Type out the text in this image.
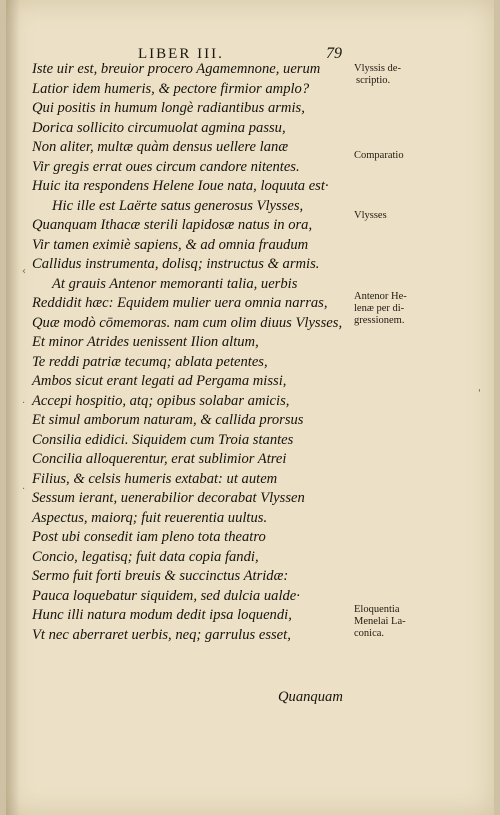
LIBER III.	79
Iste uir est, breuior procero Agamemnone, uerum
Latior idem humeris, & pectore firmior amplo?
Qui positis in humum longè radiantibus armis,
Dorica sollicito circumuolat agmina passu,
Non aliter, multæ quàm densus uellere lanæ
Vir gregis errat oues circum candore nitentes.
Huic ita respondens Helene Ioue nata, loquuta est·
Hic ille est Laërte satus generosus Vlysses,
Quanquam Ithacæ sterili lapidosæ natus in ora,
Vir tamen eximiè sapiens, & ad omnia fraudum
Callidus instrumenta, dolisq; instructus & armis.
At grauis Antenor memoranti talia, uerbis
Reddidit hæc: Equidem mulier uera omnia narras,
Quæ modò cōmemoras. nam cum olim diuus Vlysses,
Et minor Atrides uenissent Ilion altum,
Te reddi patriæ tecumq; ablata petentes,
Ambos sicut erant legati ad Pergama missi,
Accepi hospitio, atq; opibus solabar amicis,
Et simul amborum naturam, & callida prorsus
Consilia edidici. Siquidem cum Troia stantes
Concilia alloquerentur, erat sublimior Atrei
Filius, & celsis humeris extabat: ut autem
Sessum ierant, uenerabilior decorabat Vlyssen
Aspectus, maiorq; fuit reuerentia uultus.
Post ubi consedit iam pleno tota theatro
Concio, legatisq; fuit data copia fandi,
Sermo fuit forti breuis & succinctus Atridæ:
Pauca loquebatur siquidem, sed dulcia ualde·
Hunc illi natura modum dedit ipsa loquendi,
Vt nec aberraret uerbis, neq; garrulus esset,
Quanquam
Vlyssis de-
scriptio.
Comparatio
Vlysses
Antenor He-
lenæ per di-
gressionem.
Eloquentia
Menelai La-
conica.
‹
·
·
'
